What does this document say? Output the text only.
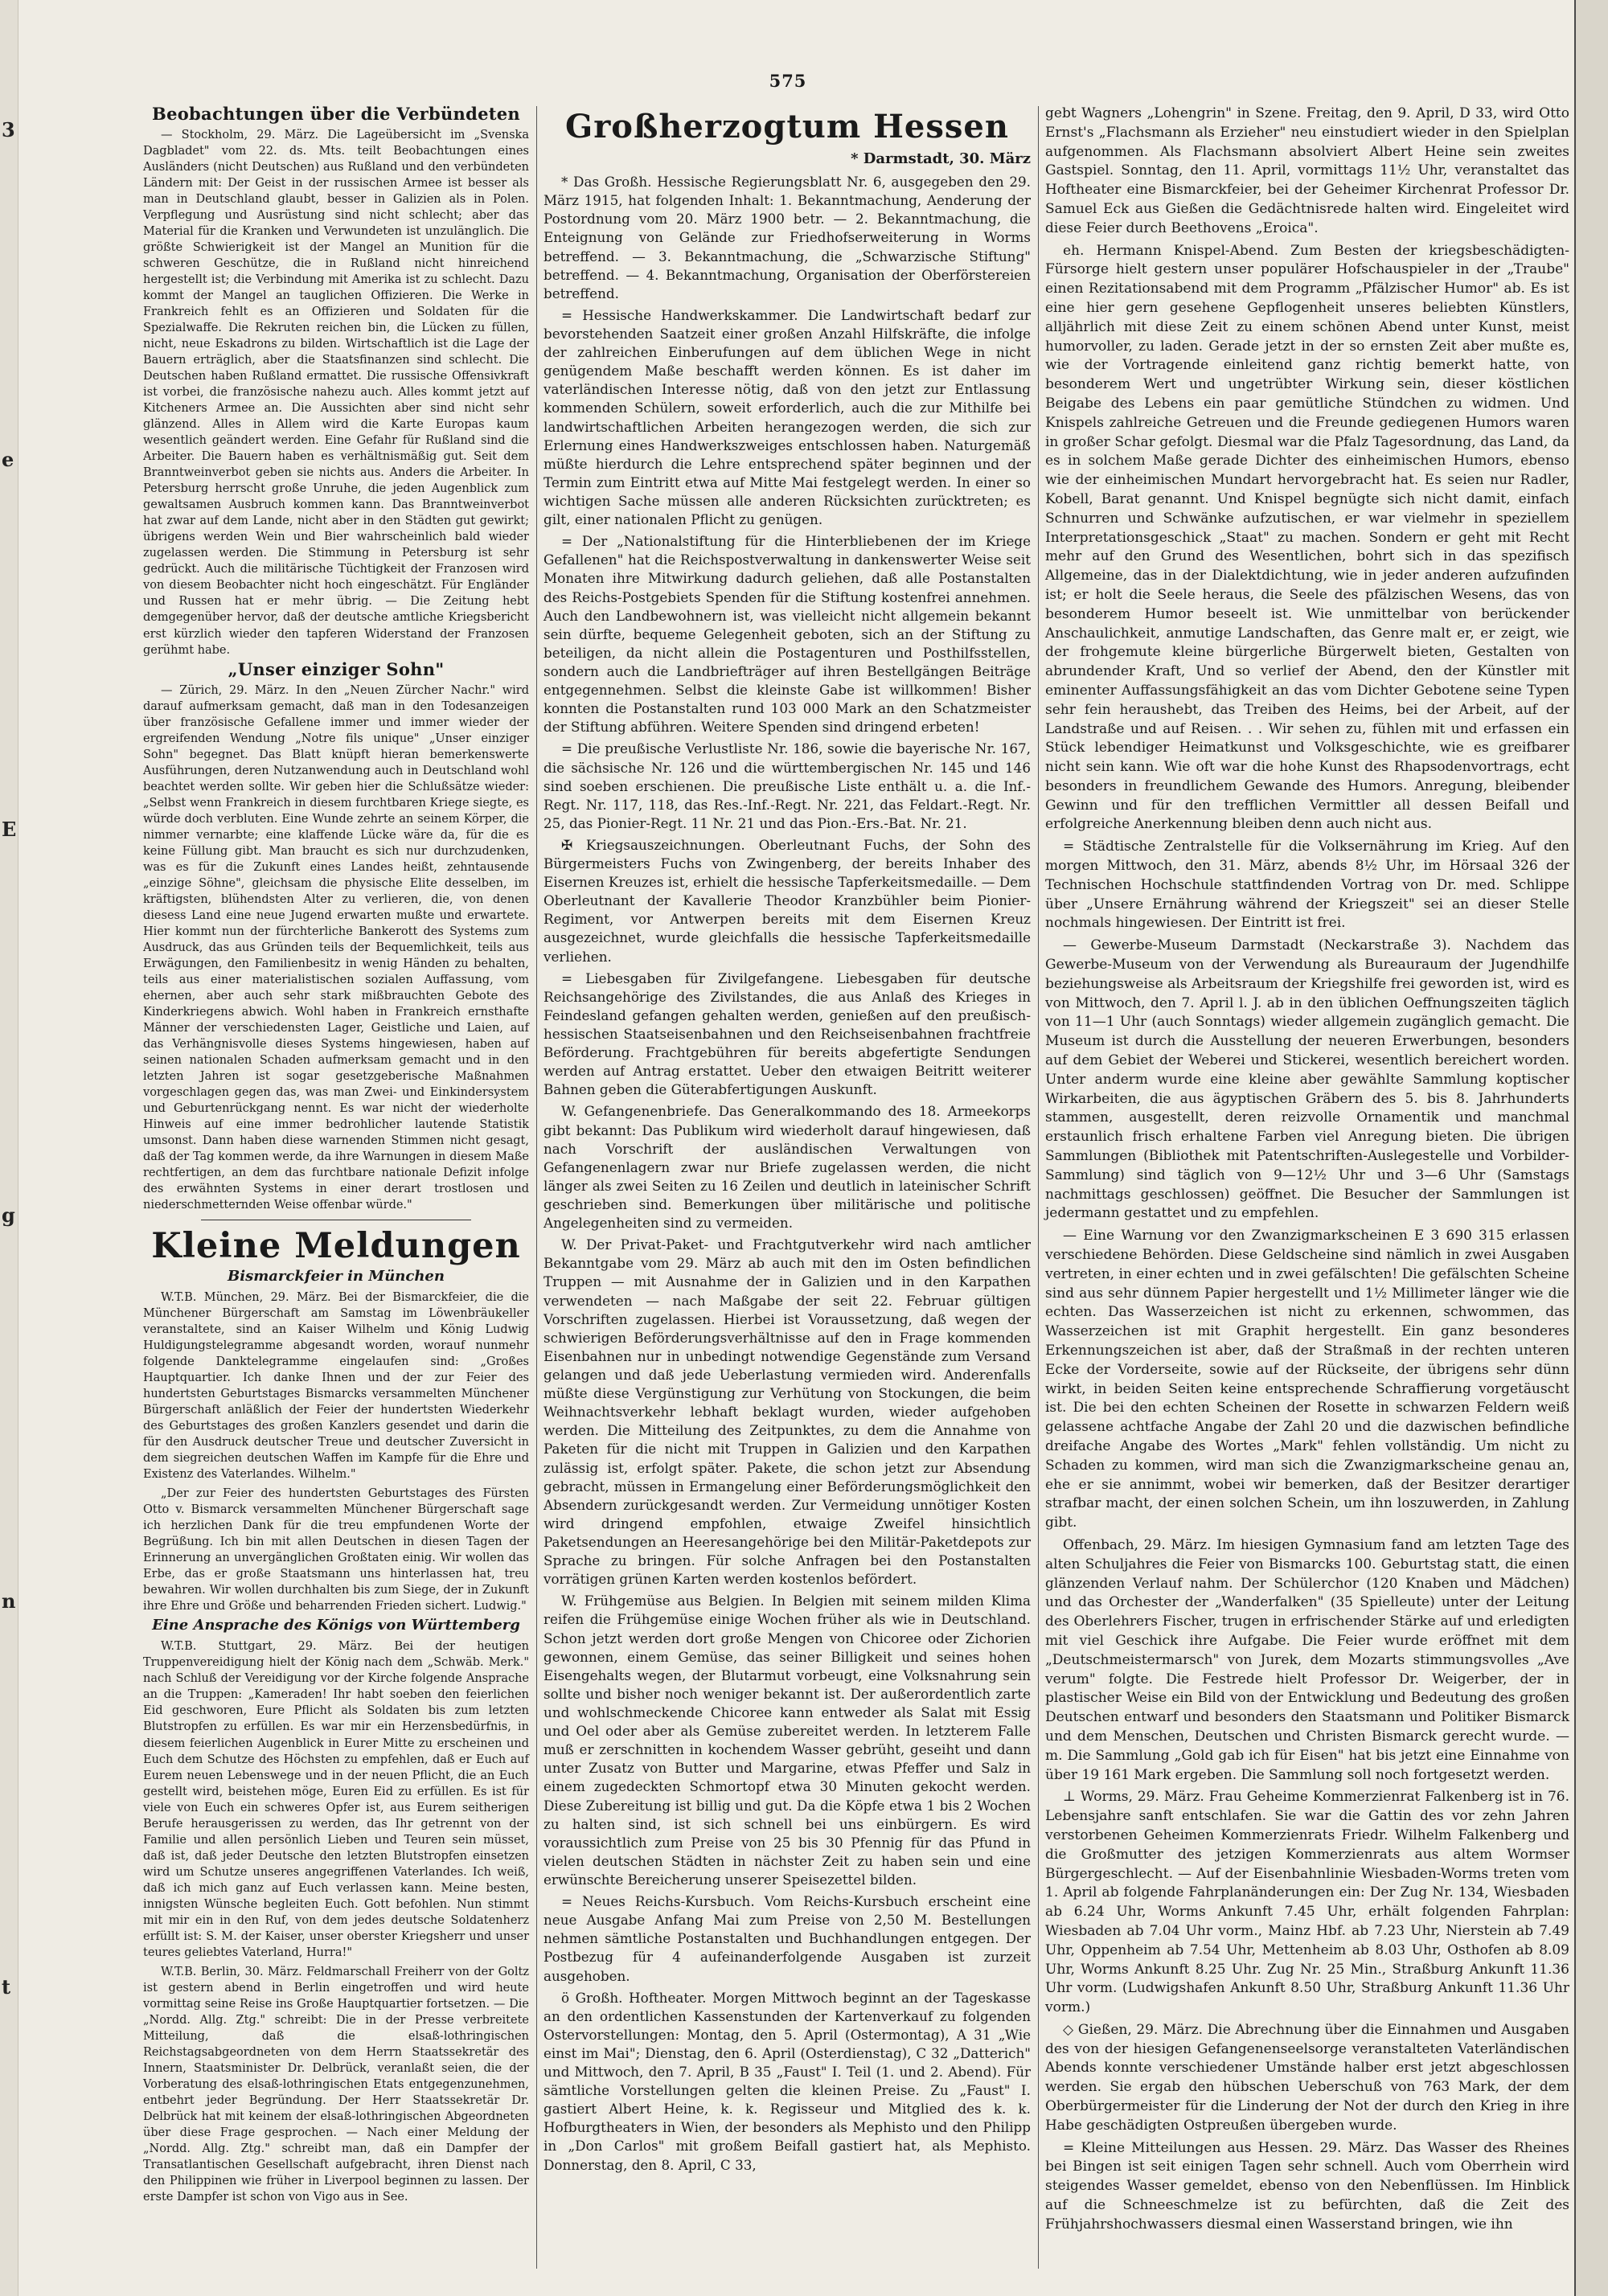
3
e
E
g
n
t
575
Beobachtungen über die Verbündeten

— Stockholm, 29. März. Die Lageübersicht im „Svenska Dagbladet" vom 22. ds. Mts. teilt Beobachtungen eines Ausländers (nicht Deutschen) aus Rußland und den verbündeten Ländern mit: Der Geist in der russischen Armee ist besser als man in Deutschland glaubt, besser in Galizien als in Polen. Verpflegung und Ausrüstung sind nicht schlecht; aber das Material für die Kranken und Verwundeten ist unzulänglich. Die größte Schwierigkeit ist der Mangel an Munition für die schweren Geschütze, die in Rußland nicht hinreichend hergestellt ist; die Verbindung mit Amerika ist zu schlecht. Dazu kommt der Mangel an tauglichen Offizieren. Die Werke in Frankreich fehlt es an Offizieren und Soldaten für die Spezialwaffe. Die Rekruten reichen bin, die Lücken zu füllen, nicht, neue Eskadrons zu bilden. Wirtschaftlich ist die Lage der Bauern erträglich, aber die Staatsfinanzen sind schlecht. Die Deutschen haben Rußland ermattet. Die russische Offensivkraft ist vorbei, die französische nahezu auch. Alles kommt jetzt auf Kitcheners Armee an. Die Aussichten aber sind nicht sehr glänzend. Alles in Allem wird die Karte Europas kaum wesentlich geändert werden. Eine Gefahr für Rußland sind die Arbeiter. Die Bauern haben es verhältnismäßig gut. Seit dem Branntweinverbot geben sie nichts aus. Anders die Arbeiter. In Petersburg herrscht große Unruhe, die jeden Augenblick zum gewaltsamen Ausbruch kommen kann. Das Branntweinverbot hat zwar auf dem Lande, nicht aber in den Städten gut gewirkt; übrigens werden Wein und Bier wahrscheinlich bald wieder zugelassen werden. Die Stimmung in Petersburg ist sehr gedrückt. Auch die militärische Tüchtigkeit der Franzosen wird von diesem Beobachter nicht hoch eingeschätzt. Für Engländer und Russen hat er mehr übrig. — Die Zeitung hebt demgegenüber hervor, daß der deutsche amtliche Kriegsbericht erst kürzlich wieder den tapferen Widerstand der Franzosen gerühmt habe.

„Unser einziger Sohn"

— Zürich, 29. März. In den „Neuen Zürcher Nachr." wird darauf aufmerksam gemacht, daß man in den Todesanzeigen über französische Gefallene immer und immer wieder der ergreifenden Wendung „Notre fils unique" „Unser einziger Sohn" begegnet. Das Blatt knüpft hieran bemerkenswerte Ausführungen, deren Nutzanwendung auch in Deutschland wohl beachtet werden sollte. Wir geben hier die Schlußsätze wieder: „Selbst wenn Frankreich in diesem furchtbaren Kriege siegte, es würde doch verbluten. Eine Wunde zehrte an seinem Körper, die nimmer vernarbte; eine klaffende Lücke wäre da, für die es keine Füllung gibt. Man braucht es sich nur durchzudenken, was es für die Zukunft eines Landes heißt, zehntausende „einzige Söhne", gleichsam die physische Elite desselben, im kräftigsten, blühendsten Alter zu verlieren, die, von denen diesess Land eine neue Jugend erwarten mußte und erwartete. Hier kommt nun der fürchterliche Bankerott des Systems zum Ausdruck, das aus Gründen teils der Bequemlichkeit, teils aus Erwägungen, den Familienbesitz in wenig Händen zu behalten, teils aus einer materialistischen sozialen Auffassung, vom ehernen, aber auch sehr stark mißbrauchten Gebote des Kinderkriegens abwich. Wohl haben in Frankreich ernsthafte Männer der verschiedensten Lager, Geistliche und Laien, auf das Verhängnisvolle dieses Systems hingewiesen, haben auf seinen nationalen Schaden aufmerksam gemacht und in den letzten Jahren ist sogar gesetzgeberische Maßnahmen vorgeschlagen gegen das, was man Zwei- und Einkindersystem und Geburtenrückgang nennt. Es war nicht der wiederholte Hinweis auf eine immer bedrohlicher lautende Statistik umsonst. Dann haben diese warnenden Stimmen nicht gesagt, daß der Tag kommen werde, da ihre Warnungen in diesem Maße rechtfertigen, an dem das furchtbare nationale Defizit infolge des erwähnten Systems in einer derart trostlosen und niederschmetternden Weise offenbar würde."

Kleine Meldungen
Bismarckfeier in München

W.T.B. München, 29. März. Bei der Bismarckfeier, die die Münchener Bürgerschaft am Samstag im Löwenbräukeller veranstaltete, sind an Kaiser Wilhelm und König Ludwig Huldigungstelegramme abgesandt worden, worauf nunmehr folgende Danktelegramme eingelaufen sind: „Großes Hauptquartier. Ich danke Ihnen und der zur Feier des hundertsten Geburtstages Bismarcks versammelten Münchener Bürgerschaft anläßlich der Feier der hundertsten Wiederkehr des Geburtstages des großen Kanzlers gesendet und darin die für den Ausdruck deutscher Treue und deutscher Zuversicht in dem siegreichen deutschen Waffen im Kampfe für die Ehre und Existenz des Vaterlandes. Wilhelm."

„Der zur Feier des hundertsten Geburtstages des Fürsten Otto v. Bismarck versammelten Münchener Bürgerschaft sage ich herzlichen Dank für die treu empfundenen Worte der Begrüßung. Ich bin mit allen Deutschen in diesen Tagen der Erinnerung an unvergänglichen Großtaten einig. Wir wollen das Erbe, das er große Staatsmann uns hinterlassen hat, treu bewahren. Wir wollen durchhalten bis zum Siege, der in Zukunft ihre Ehre und Größe und beharrenden Frieden sichert. Ludwig."

Eine Ansprache des Königs von Württemberg

W.T.B. Stuttgart, 29. März. Bei der heutigen Truppenvereidigung hielt der König nach dem „Schwäb. Merk." nach Schluß der Vereidigung vor der Kirche folgende Ansprache an die Truppen: „Kameraden! Ihr habt soeben den feierlichen Eid geschworen, Eure Pflicht als Soldaten bis zum letzten Blutstropfen zu erfüllen. Es war mir ein Herzensbedürfnis, in diesem feierlichen Augenblick in Eurer Mitte zu erscheinen und Euch dem Schutze des Höchsten zu empfehlen, daß er Euch auf Eurem neuen Lebenswege und in der neuen Pflicht, die an Euch gestellt wird, beistehen möge, Euren Eid zu erfüllen. Es ist für viele von Euch ein schweres Opfer ist, aus Eurem seitherigen Berufe herausgerissen zu werden, das Ihr getrennt von der Familie und allen persönlich Lieben und Teuren sein müsset, daß ist, daß jeder Deutsche den letzten Blutstropfen einsetzen wird um Schutze unseres angegriffenen Vaterlandes. Ich weiß, daß ich mich ganz auf Euch verlassen kann. Meine besten, innigsten Wünsche begleiten Euch. Gott befohlen. Nun stimmt mit mir ein in den Ruf, von dem jedes deutsche Soldatenherz erfüllt ist: S. M. der Kaiser, unser oberster Kriegsherr und unser teures geliebtes Vaterland, Hurra!"

W.T.B. Berlin, 30. März. Feldmarschall Freiherr von der Goltz ist gestern abend in Berlin eingetroffen und wird heute vormittag seine Reise ins Große Hauptquartier fortsetzen. — Die „Nordd. Allg. Ztg." schreibt: Die in der Presse verbreitete Mitteilung, daß die elsaß-lothringischen Reichstagsabgeordneten von dem Herrn Staatssekretär des Innern, Staatsminister Dr. Delbrück, veranlaßt seien, die der Vorberatung des elsaß-lothringischen Etats entgegenzunehmen, entbehrt jeder Begründung. Der Herr Staatssekretär Dr. Delbrück hat mit keinem der elsaß-lothringischen Abgeordneten über diese Frage gesprochen. — Nach einer Meldung der „Nordd. Allg. Ztg." schreibt man, daß ein Dampfer der Transatlantischen Gesellschaft aufgebracht, ihren Dienst nach den Philippinen wie früher in Liverpool beginnen zu lassen. Der erste Dampfer ist schon von Vigo aus in See.

Großherzogtum Hessen
* Darmstadt, 30. März

* Das Großh. Hessische Regierungsblatt Nr. 6, ausgegeben den 29. März 1915, hat folgenden Inhalt: 1. Bekanntmachung, Aenderung der Postordnung vom 20. März 1900 betr. — 2. Bekanntmachung, die Enteignung von Gelände zur Friedhofserweiterung in Worms betreffend. — 3. Bekanntmachung, die „Schwarzische Stiftung" betreffend. — 4. Bekanntmachung, Organisation der Oberförstereien betreffend.

= Hessische Handwerkskammer. Die Landwirtschaft bedarf zur bevorstehenden Saatzeit einer großen Anzahl Hilfskräfte, die infolge der zahlreichen Einberufungen auf dem üblichen Wege in nicht genügendem Maße beschafft werden können. Es ist daher im vaterländischen Interesse nötig, daß von den jetzt zur Entlassung kommenden Schülern, soweit erforderlich, auch die zur Mithilfe bei landwirtschaftlichen Arbeiten herangezogen werden, die sich zur Erlernung eines Handwerkszweiges entschlossen haben. Naturgemäß müßte hierdurch die Lehre entsprechend später beginnen und der Termin zum Eintritt etwa auf Mitte Mai festgelegt werden. In einer so wichtigen Sache müssen alle anderen Rücksichten zurücktreten; es gilt, einer nationalen Pflicht zu genügen.

= Der „Nationalstiftung für die Hinterbliebenen der im Kriege Gefallenen" hat die Reichspostverwaltung in dankenswerter Weise seit Monaten ihre Mitwirkung dadurch geliehen, daß alle Postanstalten des Reichs-Postgebiets Spenden für die Stiftung kostenfrei annehmen. Auch den Landbewohnern ist, was vielleicht nicht allgemein bekannt sein dürfte, bequeme Gelegenheit geboten, sich an der Stiftung zu beteiligen, da nicht allein die Postagenturen und Posthilfsstellen, sondern auch die Landbriefträger auf ihren Bestellgängen Beiträge entgegennehmen. Selbst die kleinste Gabe ist willkommen! Bisher konnten die Postanstalten rund 103 000 Mark an den Schatzmeister der Stiftung abführen. Weitere Spenden sind dringend erbeten!

= Die preußische Verlustliste Nr. 186, sowie die bayerische Nr. 167, die sächsische Nr. 126 und die württembergischen Nr. 145 und 146 sind soeben erschienen. Die preußische Liste enthält u. a. die Inf.-Regt. Nr. 117, 118, das Res.-Inf.-Regt. Nr. 221, das Feldart.-Regt. Nr. 25, das Pionier-Regt. 11 Nr. 21 und das Pion.-Ers.-Bat. Nr. 21.

✠ Kriegsauszeichnungen. Oberleutnant Fuchs, der Sohn des Bürgermeisters Fuchs von Zwingenberg, der bereits Inhaber des Eisernen Kreuzes ist, erhielt die hessische Tapferkeitsmedaille. — Dem Oberleutnant der Kavallerie Theodor Kranzbühler beim Pionier-Regiment, vor Antwerpen bereits mit dem Eisernen Kreuz ausgezeichnet, wurde gleichfalls die hessische Tapferkeitsmedaille verliehen.

= Liebesgaben für Zivilgefangene. Liebesgaben für deutsche Reichsangehörige des Zivilstandes, die aus Anlaß des Krieges in Feindesland gefangen gehalten werden, genießen auf den preußisch-hessischen Staatseisenbahnen und den Reichseisenbahnen frachtfreie Beförderung. Frachtgebühren für bereits abgefertigte Sendungen werden auf Antrag erstattet. Ueber den etwaigen Beitritt weiterer Bahnen geben die Güterabfertigungen Auskunft.

W. Gefangenenbriefe. Das Generalkommando des 18. Armeekorps gibt bekannt: Das Publikum wird wiederholt darauf hingewiesen, daß nach Vorschrift der ausländischen Verwaltungen von Gefangenenlagern zwar nur Briefe zugelassen werden, die nicht länger als zwei Seiten zu 16 Zeilen und deutlich in lateinischer Schrift geschrieben sind. Bemerkungen über militärische und politische Angelegenheiten sind zu vermeiden.

W. Der Privat-Paket- und Frachtgutverkehr wird nach amtlicher Bekanntgabe vom 29. März ab auch mit den im Osten befindlichen Truppen — mit Ausnahme der in Galizien und in den Karpathen verwendeten — nach Maßgabe der seit 22. Februar gültigen Vorschriften zugelassen. Hierbei ist Voraussetzung, daß wegen der schwierigen Beförderungsverhältnisse auf den in Frage kommenden Eisenbahnen nur in unbedingt notwendige Gegenstände zum Versand gelangen und daß jede Ueberlastung vermieden wird. Anderenfalls müßte diese Vergünstigung zur Verhütung von Stockungen, die beim Weihnachtsverkehr lebhaft beklagt wurden, wieder aufgehoben werden. Die Mitteilung des Zeitpunktes, zu dem die Annahme von Paketen für die nicht mit Truppen in Galizien und den Karpathen zulässig ist, erfolgt später. Pakete, die schon jetzt zur Absendung gebracht, müssen in Ermangelung einer Beförderungsmöglichkeit den Absendern zurückgesandt werden. Zur Vermeidung unnötiger Kosten wird dringend empfohlen, etwaige Zweifel hinsichtlich Paketsendungen an Heeresangehörige bei den Militär-Paketdepots zur Sprache zu bringen. Für solche Anfragen bei den Postanstalten vorrätigen grünen Karten werden kostenlos befördert.

W. Frühgemüse aus Belgien. In Belgien mit seinem milden Klima reifen die Frühgemüse einige Wochen früher als wie in Deutschland. Schon jetzt werden dort große Mengen von Chicoree oder Zichorien gewonnen, einem Gemüse, das seiner Billigkeit und seines hohen Eisengehalts wegen, der Blutarmut vorbeugt, eine Volksnahrung sein sollte und bisher noch weniger bekannt ist. Der außerordentlich zarte und wohlschmeckende Chicoree kann entweder als Salat mit Essig und Oel oder aber als Gemüse zubereitet werden. In letzterem Falle muß er zerschnitten in kochendem Wasser gebrüht, geseiht und dann unter Zusatz von Butter und Margarine, etwas Pfeffer und Salz in einem zugedeckten Schmortopf etwa 30 Minuten gekocht werden. Diese Zubereitung ist billig und gut. Da die Köpfe etwa 1 bis 2 Wochen zu halten sind, ist sich schnell bei uns einbürgern. Es wird voraussichtlich zum Preise von 25 bis 30 Pfennig für das Pfund in vielen deutschen Städten in nächster Zeit zu haben sein und eine erwünschte Bereicherung unserer Speisezettel bilden.

= Neues Reichs-Kursbuch. Vom Reichs-Kursbuch erscheint eine neue Ausgabe Anfang Mai zum Preise von 2,50 M. Bestellungen nehmen sämtliche Postanstalten und Buchhandlungen entgegen. Der Postbezug für 4 aufeinanderfolgende Ausgaben ist zurzeit ausgehoben.

ö Großh. Hoftheater. Morgen Mittwoch beginnt an der Tageskasse an den ordentlichen Kassenstunden der Kartenverkauf zu folgenden Ostervorstellungen: Montag, den 5. April (Ostermontag), A 31 „Wie einst im Mai"; Dienstag, den 6. April (Osterdienstag), C 32 „Datterich" und Mittwoch, den 7. April, B 35 „Faust" I. Teil (1. und 2. Abend). Für sämtliche Vorstellungen gelten die kleinen Preise. Zu „Faust" I. gastiert Albert Heine, k. k. Regisseur und Mitglied des k. k. Hofburgtheaters in Wien, der besonders als Mephisto und den Philipp in „Don Carlos" mit großem Beifall gastiert hat, als Mephisto. Donnerstag, den 8. April, C 33,

gebt Wagners „Lohengrin" in Szene. Freitag, den 9. April, D 33, wird Otto Ernst's „Flachsmann als Erzieher" neu einstudiert wieder in den Spielplan aufgenommen. Als Flachsmann absolviert Albert Heine sein zweites Gastspiel. Sonntag, den 11. April, vormittags 11½ Uhr, veranstaltet das Hoftheater eine Bismarckfeier, bei der Geheimer Kirchenrat Professor Dr. Samuel Eck aus Gießen die Gedächtnisrede halten wird. Eingeleitet wird diese Feier durch Beethovens „Eroica".

eh. Hermann Knispel-Abend. Zum Besten der kriegsbeschädigten-Fürsorge hielt gestern unser populärer Hofschauspieler in der „Traube" einen Rezitationsabend mit dem Programm „Pfälzischer Humor" ab. Es ist eine hier gern gesehene Gepflogenheit unseres beliebten Künstlers, alljährlich mit diese Zeit zu einem schönen Abend unter Kunst, meist humorvoller, zu laden. Gerade jetzt in der so ernsten Zeit aber mußte es, wie der Vortragende einleitend ganz richtig bemerkt hatte, von besonderem Wert und ungetrübter Wirkung sein, dieser köstlichen Beigabe des Lebens ein paar gemütliche Stündchen zu widmen. Und Knispels zahlreiche Getreuen und die Freunde gediegenen Humors waren in großer Schar gefolgt. Diesmal war die Pfalz Tagesordnung, das Land, da es in solchem Maße gerade Dichter des einheimischen Humors, ebenso wie der einheimischen Mundart hervorgebracht hat. Es seien nur Radler, Kobell, Barat genannt. Und Knispel begnügte sich nicht damit, einfach Schnurren und Schwänke aufzutischen, er war vielmehr in speziellem Interpretationsgeschick „Staat" zu machen. Sondern er geht mit Recht mehr auf den Grund des Wesentlichen, bohrt sich in das spezifisch Allgemeine, das in der Dialektdichtung, wie in jeder anderen aufzufinden ist; er holt die Seele heraus, die Seele des pfälzischen Wesens, das von besonderem Humor beseelt ist. Wie unmittelbar von berückender Anschaulichkeit, anmutige Landschaften, das Genre malt er, er zeigt, wie der frohgemute kleine bürgerliche Bürgerwelt bieten, Gestalten von abrundender Kraft, Und so verlief der Abend, den der Künstler mit eminenter Auffassungsfähigkeit an das vom Dichter Gebotene seine Typen sehr fein heraushebt, das Treiben des Heims, bei der Arbeit, auf der Landstraße und auf Reisen. . . Wir sehen zu, fühlen mit und erfassen ein Stück lebendiger Heimatkunst und Volksgeschichte, wie es greifbarer nicht sein kann. Wie oft war die hohe Kunst des Rhapsodenvortrags, echt besonders in freundlichem Gewande des Humors. Anregung, bleibender Gewinn und für den trefflichen Vermittler all dessen Beifall und erfolgreiche Anerkennung bleiben denn auch nicht aus.

= Städtische Zentralstelle für die Volksernährung im Krieg. Auf den morgen Mittwoch, den 31. März, abends 8½ Uhr, im Hörsaal 326 der Technischen Hochschule stattfindenden Vortrag von Dr. med. Schlippe über „Unsere Ernährung während der Kriegszeit" sei an dieser Stelle nochmals hingewiesen. Der Eintritt ist frei.

— Gewerbe-Museum Darmstadt (Neckarstraße 3). Nachdem das Gewerbe-Museum von der Verwendung als Bureauraum der Jugendhilfe beziehungsweise als Arbeitsraum der Kriegshilfe frei geworden ist, wird es von Mittwoch, den 7. April l. J. ab in den üblichen Oeffnungszeiten täglich von 11—1 Uhr (auch Sonntags) wieder allgemein zugänglich gemacht. Die Museum ist durch die Ausstellung der neueren Erwerbungen, besonders auf dem Gebiet der Weberei und Stickerei, wesentlich bereichert worden. Unter anderm wurde eine kleine aber gewählte Sammlung koptischer Wirkarbeiten, die aus ägyptischen Gräbern des 5. bis 8. Jahrhunderts stammen, ausgestellt, deren reizvolle Ornamentik und manchmal erstaunlich frisch erhaltene Farben viel Anregung bieten. Die übrigen Sammlungen (Bibliothek mit Patentschriften-Auslegestelle und Vorbilder-Sammlung) sind täglich von 9—12½ Uhr und 3—6 Uhr (Samstags nachmittags geschlossen) geöffnet. Die Besucher der Sammlungen ist jedermann gestattet und zu empfehlen.

— Eine Warnung vor den Zwanzigmarkscheinen E 3 690 315 erlassen verschiedene Behörden. Diese Geldscheine sind nämlich in zwei Ausgaben vertreten, in einer echten und in zwei gefälschten! Die gefälschten Scheine sind aus sehr dünnem Papier hergestellt und 1½ Millimeter länger wie die echten. Das Wasserzeichen ist nicht zu erkennen, schwommen, das Wasserzeichen ist mit Graphit hergestellt. Ein ganz besonderes Erkennungszeichen ist aber, daß der Straßmaß in der rechten unteren Ecke der Vorderseite, sowie auf der Rückseite, der übrigens sehr dünn wirkt, in beiden Seiten keine entsprechende Schraffierung vorgetäuscht ist. Die bei den echten Scheinen der Rosette in schwarzen Feldern weiß gelassene achtfache Angabe der Zahl 20 und die dazwischen befindliche dreifache Angabe des Wortes „Mark" fehlen vollständig. Um nicht zu Schaden zu kommen, wird man sich die Zwanzigmarkscheine genau an, ehe er sie annimmt, wobei wir bemerken, daß der Besitzer derartiger strafbar macht, der einen solchen Schein, um ihn loszuwerden, in Zahlung gibt.

Offenbach, 29. März. Im hiesigen Gymnasium fand am letzten Tage des alten Schuljahres die Feier von Bismarcks 100. Geburtstag statt, die einen glänzenden Verlauf nahm. Der Schülerchor (120 Knaben und Mädchen) und das Orchester der „Wanderfalken" (35 Spielleute) unter der Leitung des Oberlehrers Fischer, trugen in erfrischender Stärke auf und erledigten mit viel Geschick ihre Aufgabe. Die Feier wurde eröffnet mit dem „Deutschmeistermarsch" von Jurek, dem Mozarts stimmungsvolles „Ave verum" folgte. Die Festrede hielt Professor Dr. Weigerber, der in plastischer Weise ein Bild von der Entwicklung und Bedeutung des großen Deutschen entwarf und besonders den Staatsmann und Politiker Bismarck und dem Menschen, Deutschen und Christen Bismarck gerecht wurde. — m. Die Sammlung „Gold gab ich für Eisen" hat bis jetzt eine Einnahme von über 19 161 Mark ergeben. Die Sammlung soll noch fortgesetzt werden.

⊥ Worms, 29. März. Frau Geheime Kommerzienrat Falkenberg ist in 76. Lebensjahre sanft entschlafen. Sie war die Gattin des vor zehn Jahren verstorbenen Geheimen Kommerzienrats Friedr. Wilhelm Falkenberg und die Großmutter des jetzigen Kommerzienrats aus altem Wormser Bürgergeschlecht. — Auf der Eisenbahnlinie Wiesbaden-Worms treten vom 1. April ab folgende Fahrplanänderungen ein: Der Zug Nr. 134, Wiesbaden ab 6.24 Uhr, Worms Ankunft 7.45 Uhr, erhält folgenden Fahrplan: Wiesbaden ab 7.04 Uhr vorm., Mainz Hbf. ab 7.23 Uhr, Nierstein ab 7.49 Uhr, Oppenheim ab 7.54 Uhr, Mettenheim ab 8.03 Uhr, Osthofen ab 8.09 Uhr, Worms Ankunft 8.25 Uhr. Zug Nr. 25 Min., Straßburg Ankunft 11.36 Uhr vorm. (Ludwigshafen Ankunft 8.50 Uhr, Straßburg Ankunft 11.36 Uhr vorm.)

◇ Gießen, 29. März. Die Abrechnung über die Einnahmen und Ausgaben des von der hiesigen Gefangenenseelsorge veranstalteten Vaterländischen Abends konnte verschiedener Umstände halber erst jetzt abgeschlossen werden. Sie ergab den hübschen Ueberschuß von 763 Mark, der dem Oberbürgermeister für die Linderung der Not der durch den Krieg in ihre Habe geschädigten Ostpreußen übergeben wurde.

= Kleine Mitteilungen aus Hessen. 29. März. Das Wasser des Rheines bei Bingen ist seit einigen Tagen sehr schnell. Auch vom Oberrhein wird steigendes Wasser gemeldet, ebenso von den Nebenflüssen. Im Hinblick auf die Schneeschmelze ist zu befürchten, daß die Zeit des Frühjahrshochwassers diesmal einen Wasserstand bringen, wie ihn
